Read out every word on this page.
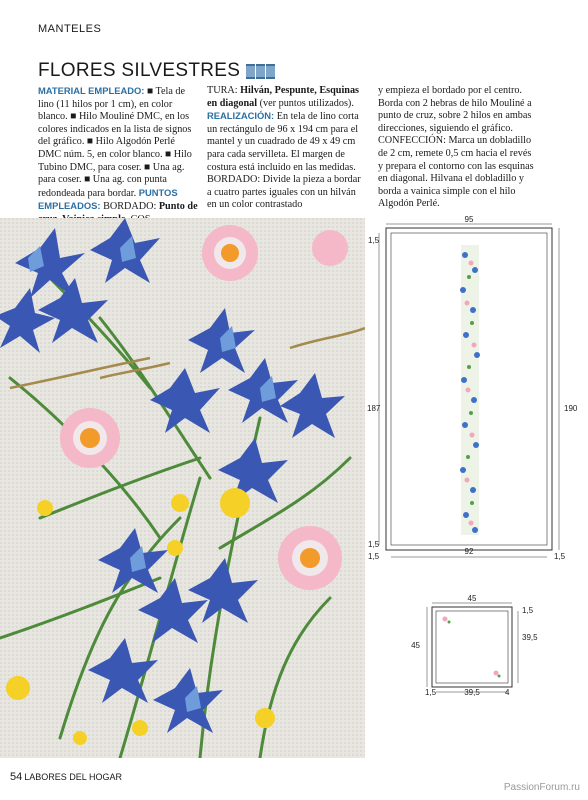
MANTELES
FLORES SILVESTRES
MATERIAL EMPLEADO: ■ Tela de lino (11 hilos por 1 cm), en color blanco. ■ Hilo Mouliné DMC, en los colores indicados en la lista de signos del gráfico. ■ Hilo Algodón Perlé DMC núm. 5, en color blanco. ■ Hilo Tubino DMC, para coser. ■ Una ag. para coser. ■ Una ag. con punta redondeada para bordar. PUNTOS EMPLEADOS: BORDADO: Punto de
TURA: Hilván, Pespunte, Esquinas en diagonal (ver puntos utilizados). REALIZACIÓN: En tela de lino corta un rectángulo de 96 x 194 cm para el mantel y un cuadrado de 49 x 49 cm para cada servilleta. El margen de costura está incluido en las medidas. BORDADO: Divide la pieza a bordar a cuatro partes iguales con un hilván en un color contrastado
y empieza el bordado por el centro. Borda con 2 hebras de hilo Mouliné a punto de cruz, sobre 2 hilos en ambas direcciones, siguiendo el gráfico. CONFECCIÓN: Marca un dobladillo de 2 cm, remete 0,5 cm hacia el revés y prepara el contorno con las esquinas en diagonal. Hilvana el dobladillo y borda a vainica simple con el hilo Algodón Perlé.
95
187	190
92
1,5
1,5
1,5	1,5
45
45
39,5
1,5
39,5
1,5	4
54 LABORES DEL HOGAR
PassionForum.ru
